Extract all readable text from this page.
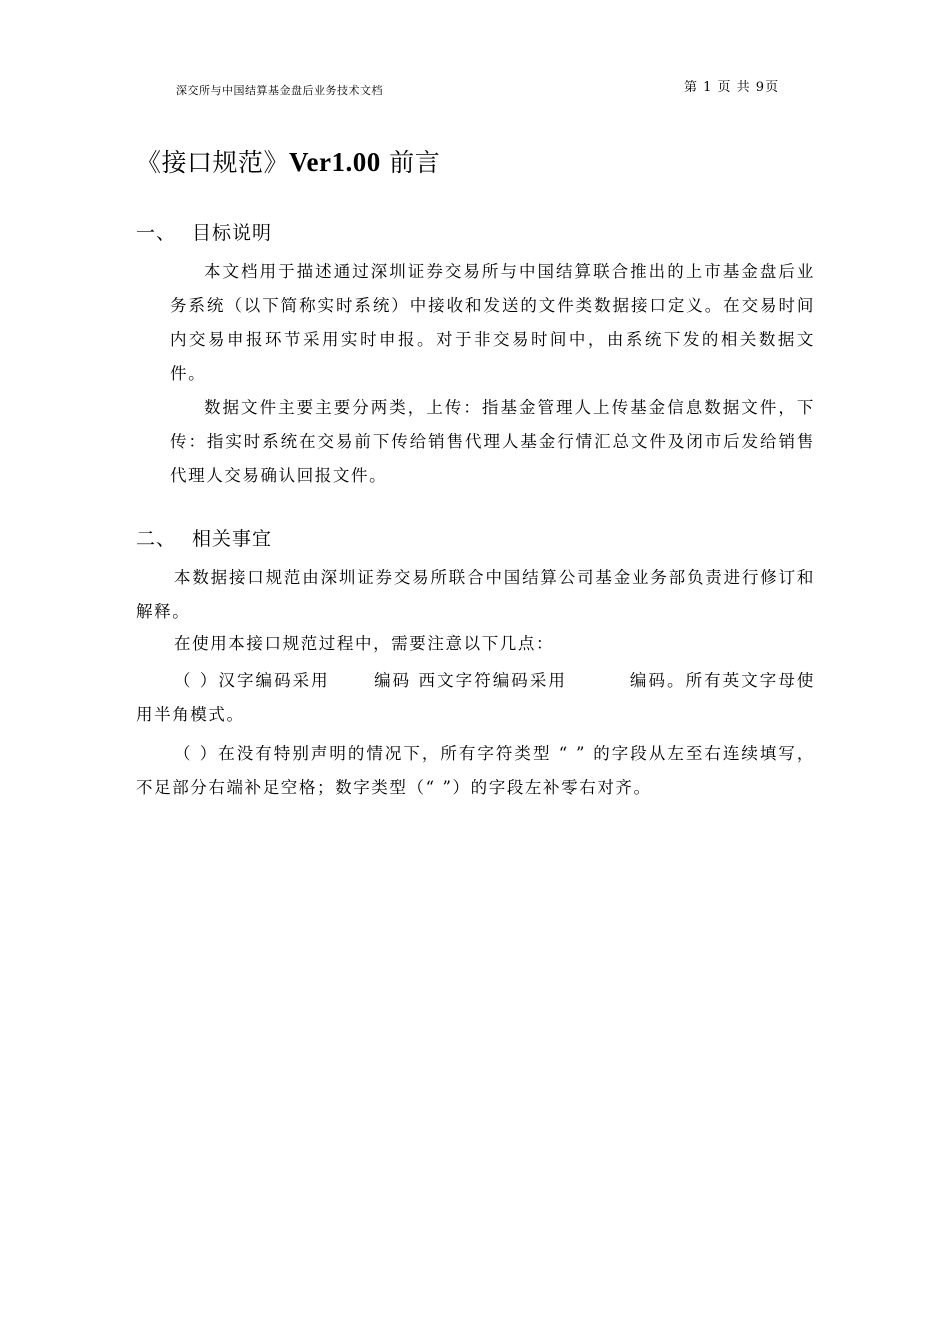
深交所与中国结算基金盘后业务技术文档	第 1 页 共 9页
《接口规范》Ver1.00 前言
一、 目标说明

本文档用于描述通过深圳证券交易所与中国结算联合推出的上市基金盘后业务系统（以下简称实时系统）中接收和发送的文件类数据接口定义。在交易时间内交易申报环节采用实时申报。对于非交易时间中，由系统下发的相关数据文件。

数据文件主要主要分两类，上传：指基金管理人上传基金信息数据文件，下传：指实时系统在交易前下传给销售代理人基金行情汇总文件及闭市后发给销售代理人交易确认回报文件。

二、 相关事宜

本数据接口规范由深圳证券交易所联合中国结算公司基金业务部负责进行修订和解释。

在使用本接口规范过程中，需要注意以下几点：

（ ）汉字编码采用　　 编码 西文字符编码采用　　　 编码。所有英文字母使用半角模式。

（ ）在没有特别声明的情况下，所有字符类型 “ ” 的字段从左至右连续填写，不足部分右端补足空格；数字类型（“ ”）的字段左补零右对齐。
